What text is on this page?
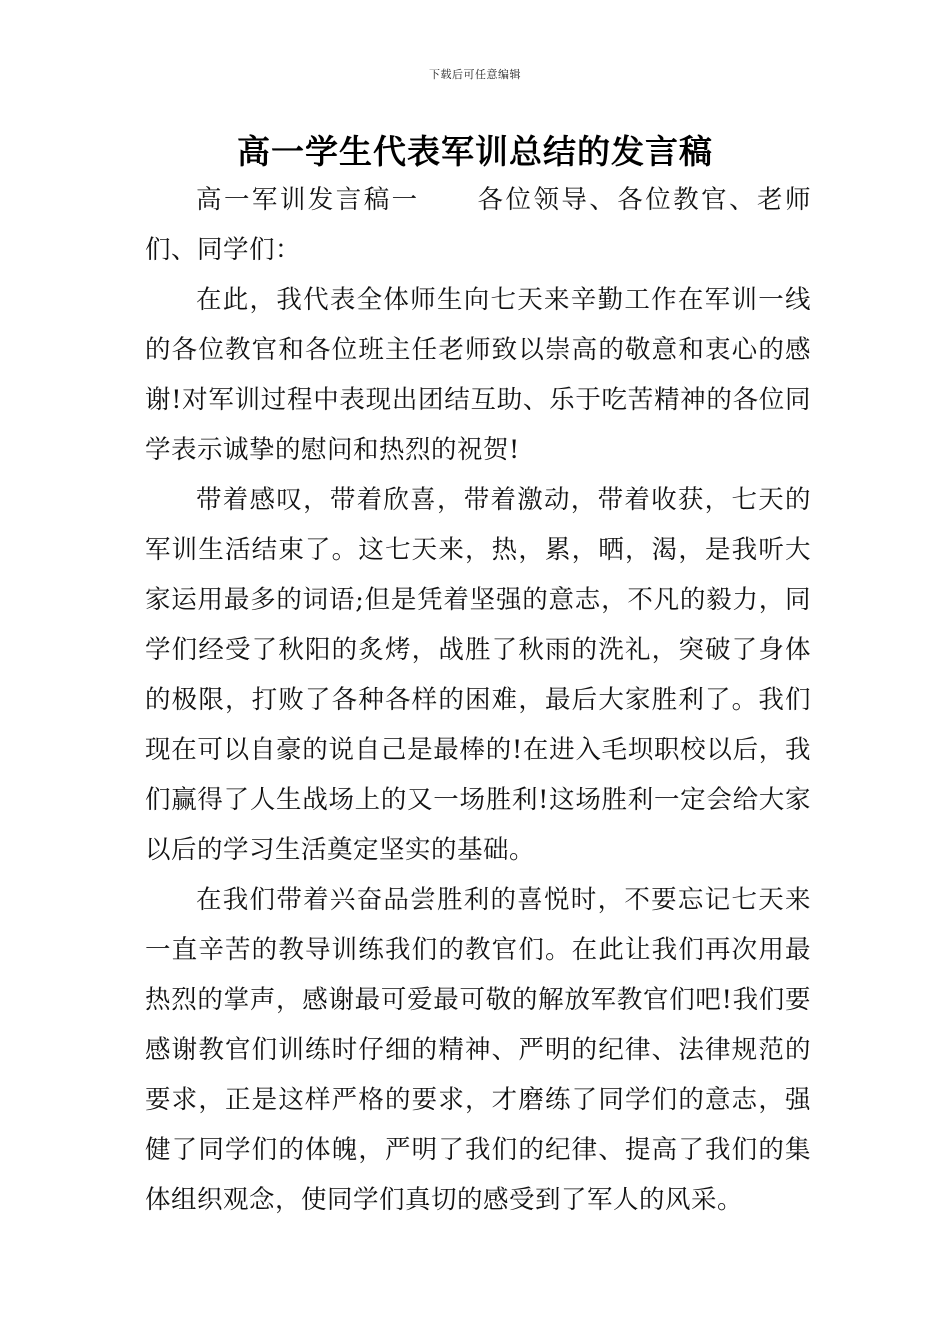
下载后可任意编辑
高一学生代表军训总结的发言稿

高一军训发言稿一 各位领导、各位教官、老师们、同学们：

在此，我代表全体师生向七天来辛勤工作在军训一线的各位教官和各位班主任老师致以崇高的敬意和衷心的感谢!对军训过程中表现出团结互助、乐于吃苦精神的各位同学表示诚挚的慰问和热烈的祝贺!

带着感叹，带着欣喜，带着激动，带着收获，七天的军训生活结束了。这七天来，热，累，晒，渴，是我听大家运用最多的词语;但是凭着坚强的意志，不凡的毅力，同学们经受了秋阳的炙烤，战胜了秋雨的洗礼，突破了身体的极限，打败了各种各样的困难，最后大家胜利了。我们现在可以自豪的说自己是最棒的!在进入毛坝职校以后，我们赢得了人生战场上的又一场胜利!这场胜利一定会给大家以后的学习生活奠定坚实的基础。

在我们带着兴奋品尝胜利的喜悦时，不要忘记七天来一直辛苦的教导训练我们的教官们。在此让我们再次用最热烈的掌声，感谢最可爱最可敬的解放军教官们吧!我们要感谢教官们训练时仔细的精神、严明的纪律、法律规范的要求，正是这样严格的要求，才磨练了同学们的意志，强健了同学们的体魄，严明了我们的纪律、提高了我们的集体组织观念，使同学们真切的感受到了军人的风采。
